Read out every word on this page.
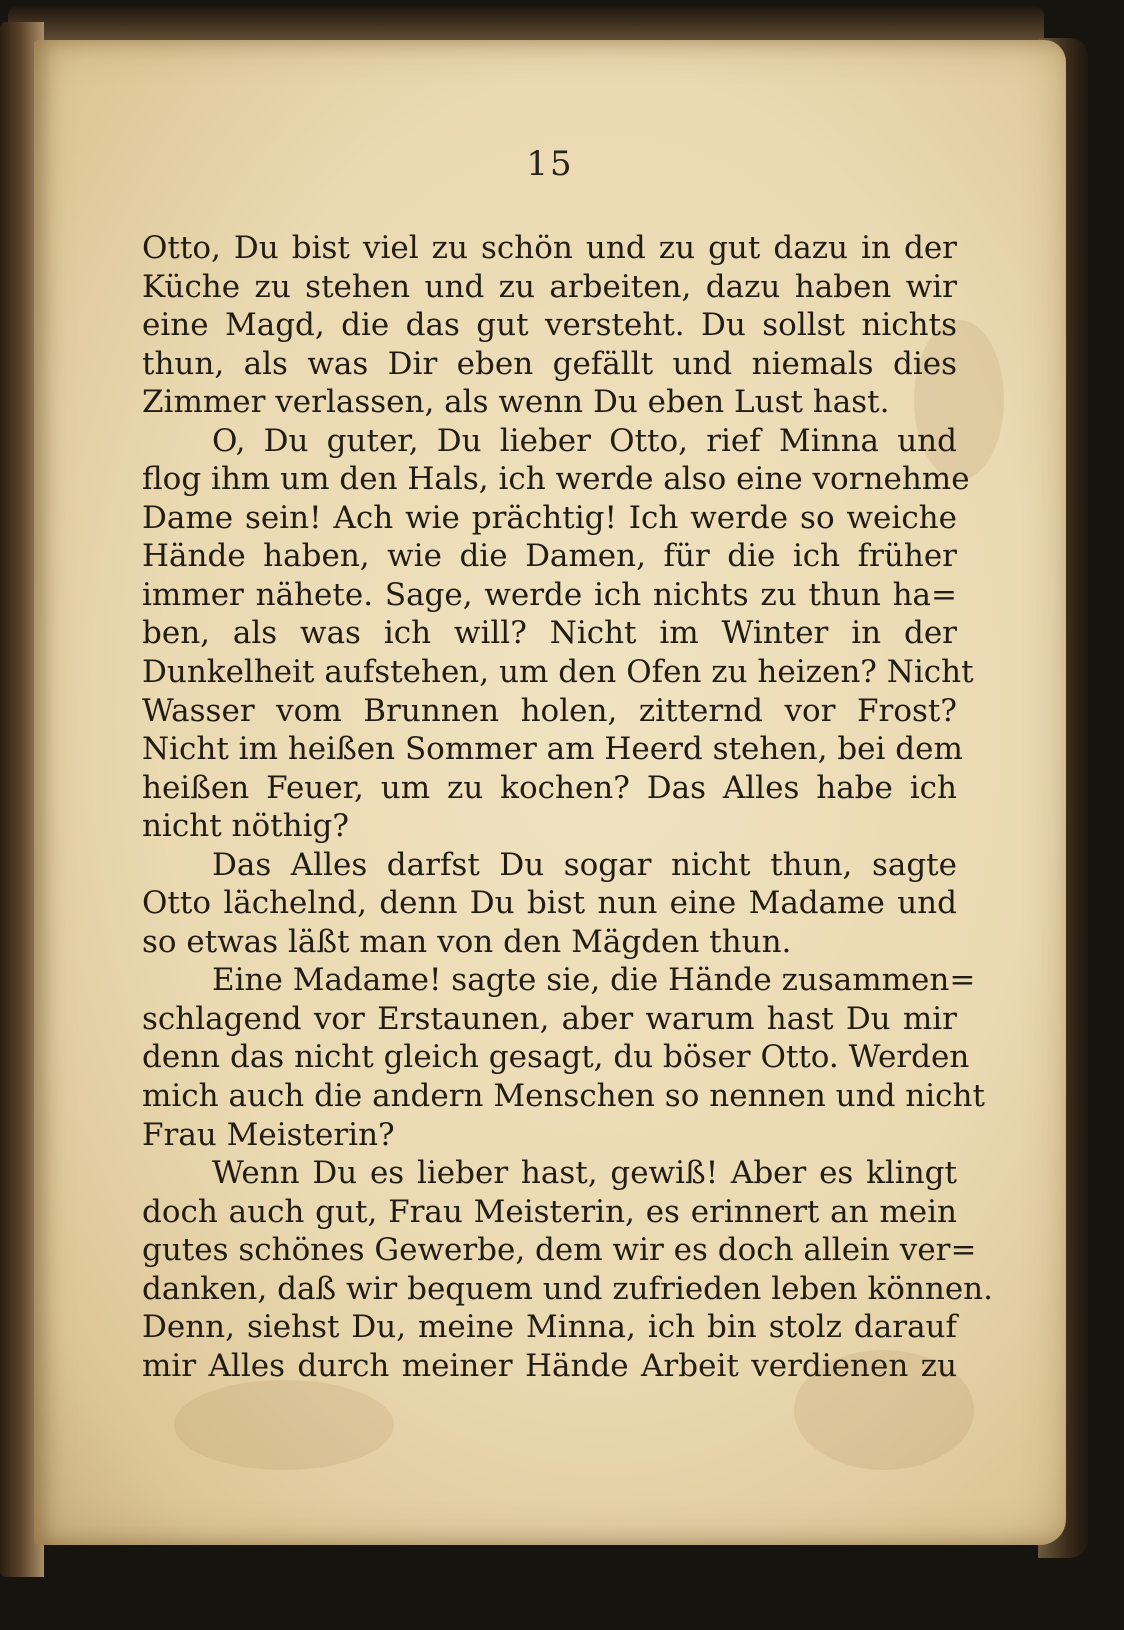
15
Otto, Du bist viel zu schön und zu gut dazu in der
Küche zu stehen und zu arbeiten, dazu haben wir
eine Magd, die das gut versteht. Du sollst nichts
thun, als was Dir eben gefällt und niemals dies
Zimmer verlassen, als wenn Du eben Lust hast.
O, Du guter, Du lieber Otto, rief Minna und
flog ihm um den Hals, ich werde also eine vornehme
Dame sein! Ach wie prächtig! Ich werde so weiche
Hände haben, wie die Damen, für die ich früher
immer nähete. Sage, werde ich nichts zu thun ha=
ben, als was ich will? Nicht im Winter in der
Dunkelheit aufstehen, um den Ofen zu heizen? Nicht
Wasser vom Brunnen holen, zitternd vor Frost?
Nicht im heißen Sommer am Heerd stehen, bei dem
heißen Feuer, um zu kochen? Das Alles habe ich
nicht nöthig?
Das Alles darfst Du sogar nicht thun, sagte
Otto lächelnd, denn Du bist nun eine Madame und
so etwas läßt man von den Mägden thun.
Eine Madame! sagte sie, die Hände zusammen=
schlagend vor Erstaunen, aber warum hast Du mir
denn das nicht gleich gesagt, du böser Otto. Werden
mich auch die andern Menschen so nennen und nicht
Frau Meisterin?
Wenn Du es lieber hast, gewiß! Aber es klingt
doch auch gut, Frau Meisterin, es erinnert an mein
gutes schönes Gewerbe, dem wir es doch allein ver=
danken, daß wir bequem und zufrieden leben können.
Denn, siehst Du, meine Minna, ich bin stolz darauf
mir Alles durch meiner Hände Arbeit verdienen zu
